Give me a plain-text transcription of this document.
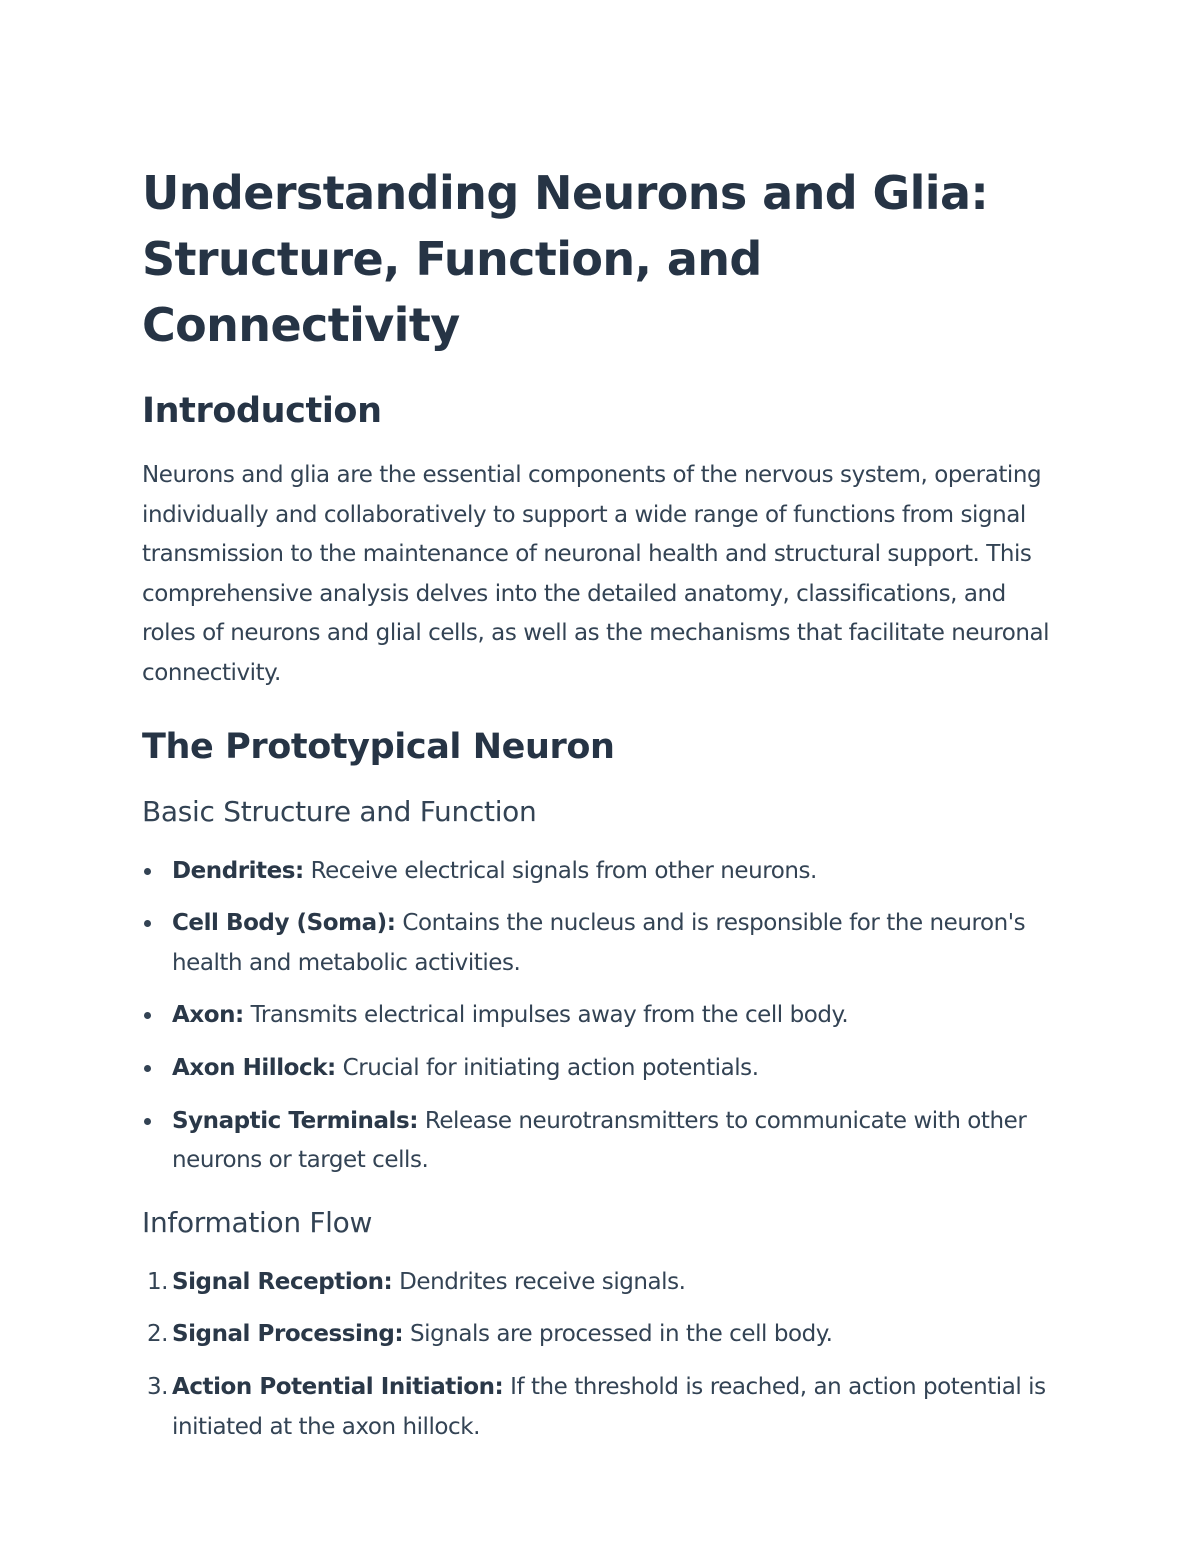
Understanding Neurons and Glia:
Structure, Function, and Connectivity
Introduction

Neurons and glia are the essential components of the nervous system, operating individually and collaboratively to support a wide range of functions from signal transmission to the maintenance of neuronal health and structural support. This comprehensive analysis delves into the detailed anatomy, classifications, and roles of neurons and glial cells, as well as the mechanisms that facilitate neuronal connectivity.

The Prototypical Neuron
Basic Structure and Function
Dendrites: Receive electrical signals from other neurons.
Cell Body (Soma): Contains the nucleus and is responsible for the neuron's health and metabolic activities.
Axon: Transmits electrical impulses away from the cell body.
Axon Hillock: Crucial for initiating action potentials.
Synaptic Terminals: Release neurotransmitters to communicate with other neurons or target cells.
Information Flow
1. Signal Reception: Dendrites receive signals.
2. Signal Processing: Signals are processed in the cell body.
3. Action Potential Initiation: If the threshold is reached, an action potential is initiated at the axon hillock.
